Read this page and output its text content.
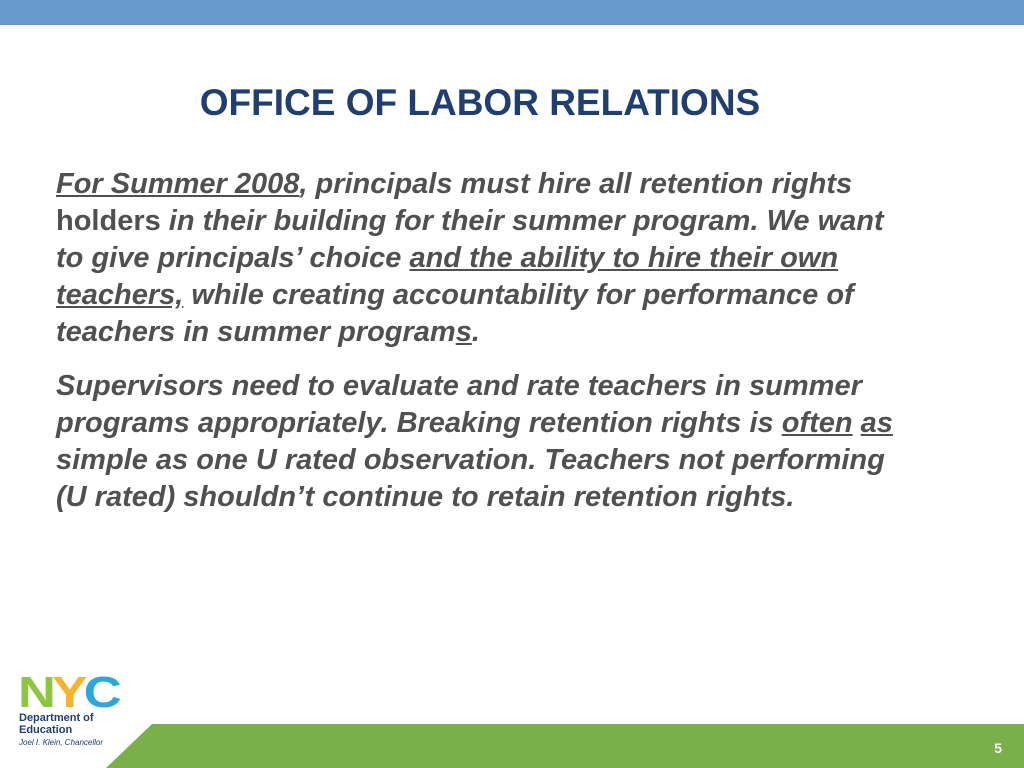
OFFICE OF LABOR RELATIONS

For Summer 2008, principals must hire all retention rights holders in their building for their summer program. We want to give principals’ choice and the ability to hire their own teachers, while creating accountability for performance of teachers in summer programs.

Supervisors need to evaluate and rate teachers in summer programs appropriately. Breaking retention rights is often as simple as one U rated observation. Teachers not performing (U rated) shouldn’t continue to retain retention rights.

N Y C
Department of
Education
Joel I. Klein, Chancellor	5
